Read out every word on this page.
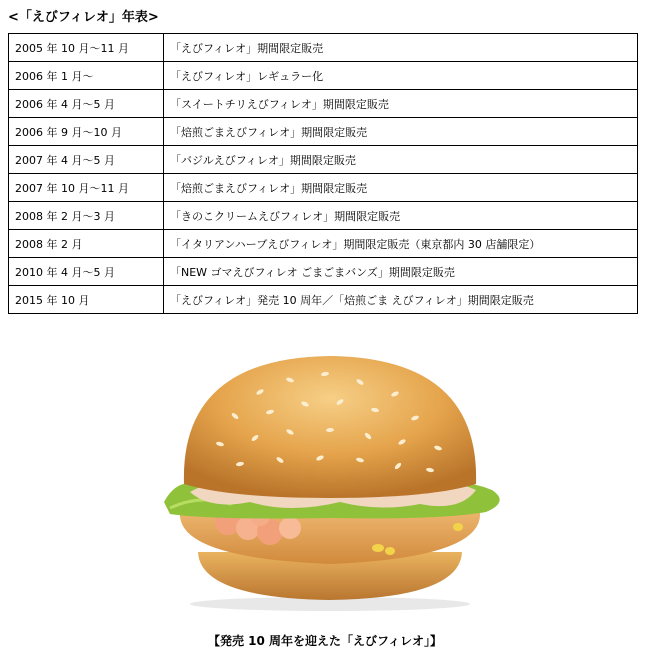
<「えびフィレオ」年表>
2005 年 10 月～11 月	「えびフィレオ」期間限定販売
2006 年 1 月～	「えびフィレオ」レギュラー化
2006 年 4 月～5 月	「スイートチリえびフィレオ」期間限定販売
2006 年 9 月～10 月	「焙煎ごまえびフィレオ」期間限定販売
2007 年 4 月～5 月	「バジルえびフィレオ」期間限定販売
2007 年 10 月～11 月	「焙煎ごまえびフィレオ」期間限定販売
2008 年 2 月～3 月	「きのこクリームえびフィレオ」期間限定販売
2008 年 2 月	「イタリアンハーブえびフィレオ」期間限定販売（東京都内 30 店舗限定）
2010 年 4 月～5 月	「NEW ゴマえびフィレオ ごまごまバンズ」期間限定販売
2015 年 10 月	「えびフィレオ」発売 10 周年／「焙煎ごま えびフィレオ」期間限定販売
【発売 10 周年を迎えた「えびフィレオ」】
